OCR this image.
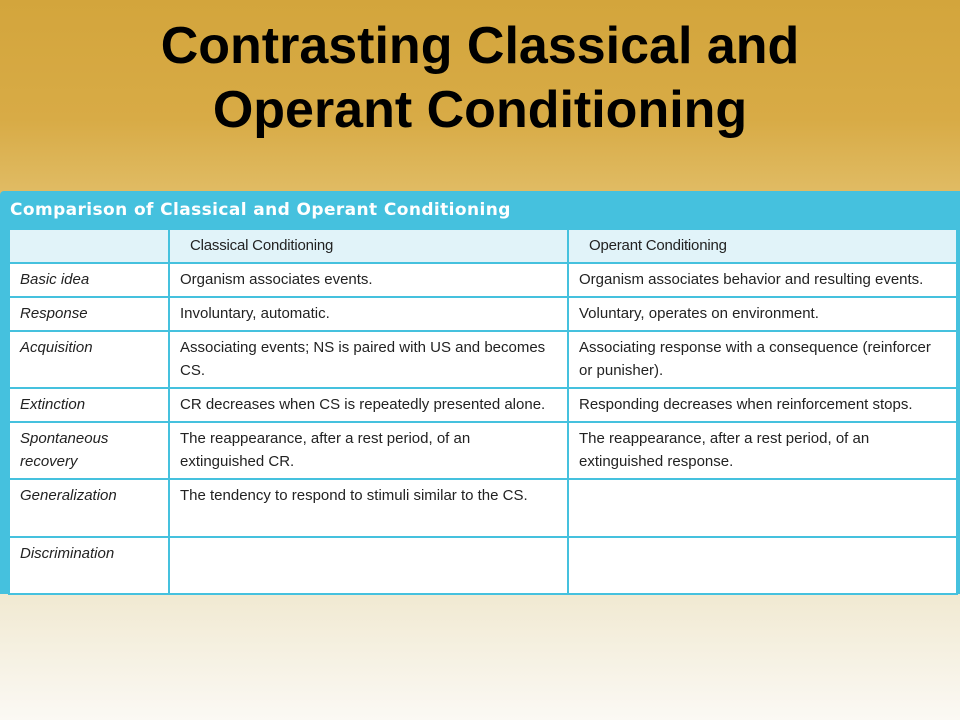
Contrasting Classical and
Operant Conditioning
Comparison of Classical and Operant Conditioning
	Classical Conditioning	Operant Conditioning
Basic idea	Organism associates events.	Organism associates behavior and resulting events.
Response	Involuntary, automatic.	Voluntary, operates on environment.
Acquisition	Associating events; NS is paired with US and becomes CS.	Associating response with a consequence (reinforcer or punisher).
Extinction	CR decreases when CS is repeatedly presented alone.	Responding decreases when reinforcement stops.
Spontaneous recovery	The reappearance, after a rest period, of an extinguished CR.	The reappearance, after a rest period, of an extinguished response.
Generalization	The tendency to respond to stimuli similar to the CS.	
Discrimination		
